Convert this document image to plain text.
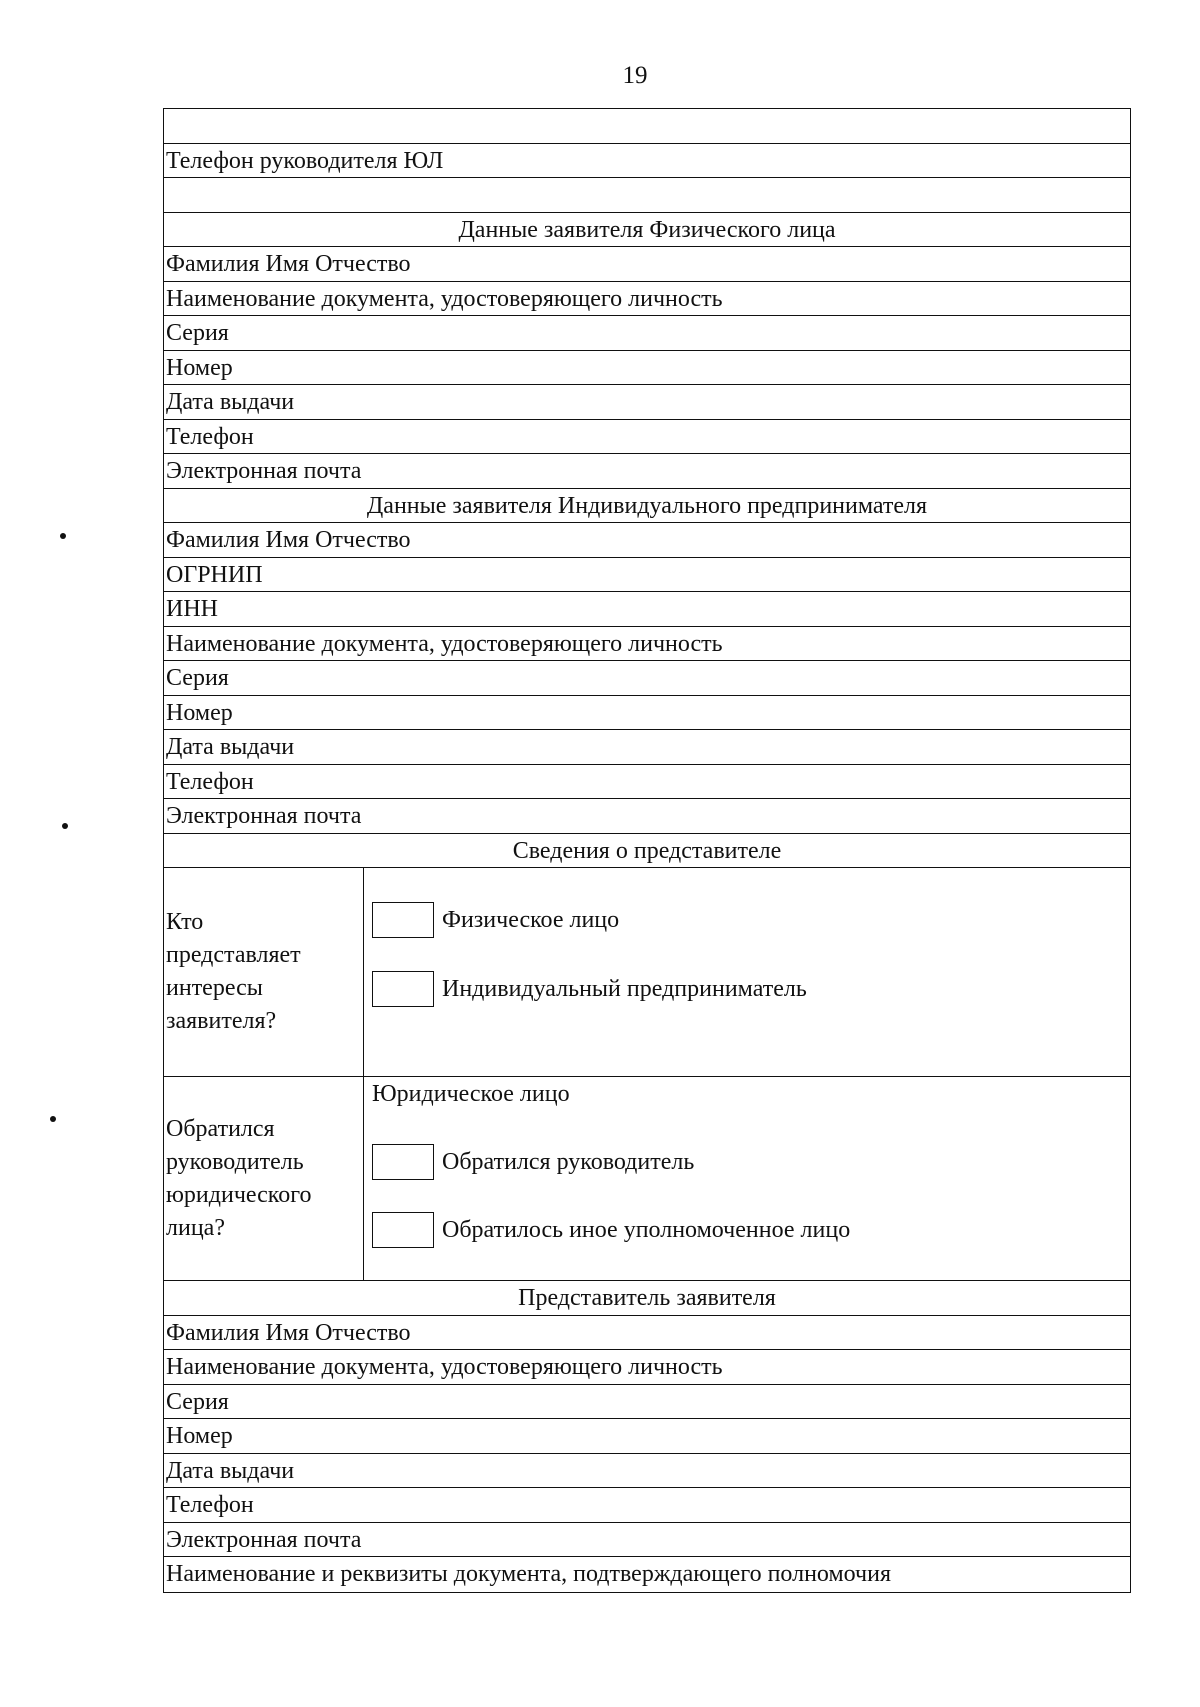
19
Телефон руководителя ЮЛ
Данные заявителя Физического лица
Фамилия Имя Отчество
Наименование документа, удостоверяющего личность
Серия
Номер
Дата выдачи
Телефон
Электронная почта
Данные заявителя Индивидуального предпринимателя
Фамилия Имя Отчество
ОГРНИП
ИНН
Наименование документа, удостоверяющего личность
Серия
Номер
Дата выдачи
Телефон
Электронная почта
Сведения о представителе
Кто
представляет
интересы
заявителя?
Физическое лицо
Индивидуальный предприниматель
Обратился
руководитель
юридического
лица?
Юридическое лицо
Обратился руководитель
Обратилось иное уполномоченное лицо
Представитель заявителя
Фамилия Имя Отчество
Наименование документа, удостоверяющего личность
Серия
Номер
Дата выдачи
Телефон
Электронная почта
Наименование и реквизиты документа, подтверждающего полномочия
